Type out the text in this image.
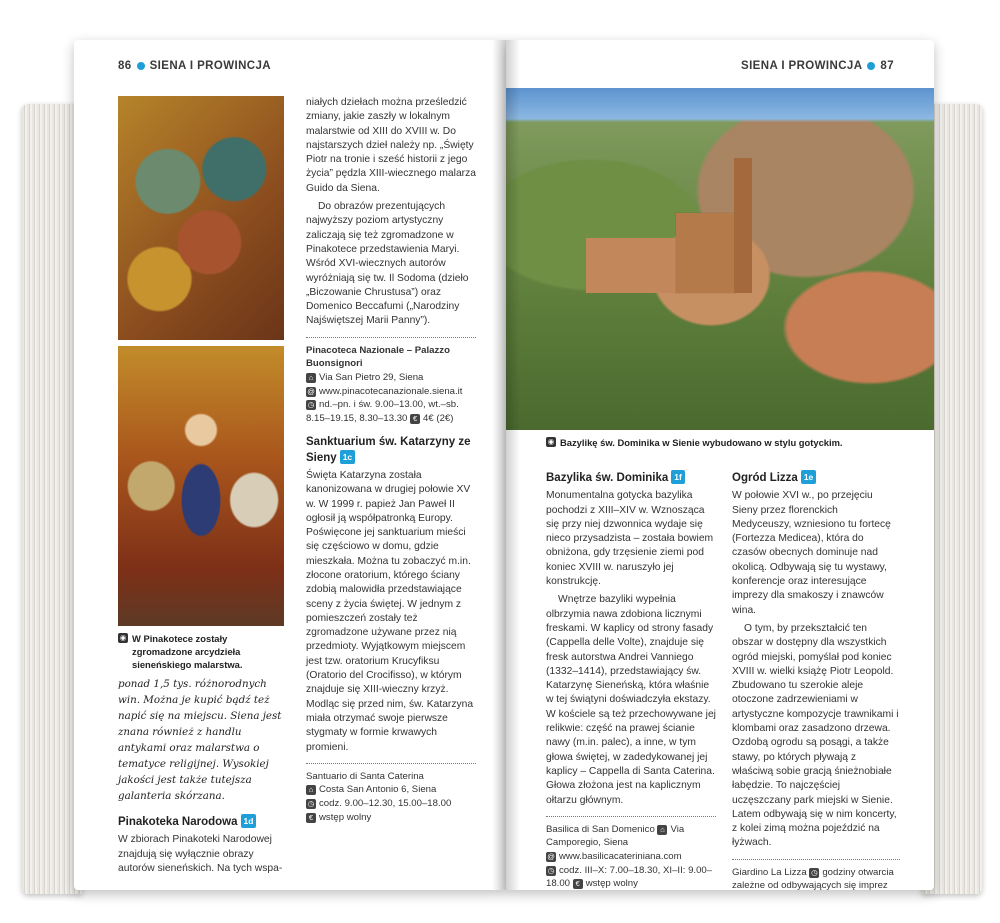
86 SIENA I PROWINCJA
◉ W Pinakotece zostały zgromadzone arcydzieła sieneńskiego malarstwa.
ponad 1,5 tys. różnorodnych win. Można je kupić bądź też napić się na miejscu. Siena jest znana również z handlu antykami oraz malarstwa o tematyce religijnej. Wysokiej jakości jest także tutejsza galanteria skórzana.
Pinakoteka Narodowa 1d

W zbiorach Pinakoteki Narodowej znajdują się wyłącznie obrazy autorów sieneńskich. Na tych wspa-

niałych dziełach można prześledzić zmiany, jakie zaszły w lokalnym malarstwie od XIII do XVIII w. Do najstarszych dzieł należy np. „Święty Piotr na tronie i sześć historii z jego życia” pędzla XIII-wiecznego malarza Guido da Siena.

Do obrazów prezentujących najwyższy poziom artystyczny zaliczają się też zgromadzone w Pinakotece przedstawienia Maryi. Wśród XVI-wiecznych autorów wyróżniają się tw. Il Sodoma (dzieło „Biczowanie Chrustusa”) oraz Domenico Beccafumi („Narodziny Najświętszej Marii Panny”).

Pinacoteca Nazionale – Palazzo Buonsignori
⌂ Via San Pietro 29, Siena
@ www.pinacotecanazionale.siena.it
◷ nd.–pn. i św. 9.00–13.00, wt.–sb. 8.15–19.15, 8.30–13.30 € 4€ (2€)
Sanktuarium św. Katarzyny ze Sieny 1c

Święta Katarzyna została kanonizowana w drugiej połowie XV w. W 1999 r. papież Jan Paweł II ogłosił ją współpatronką Europy. Poświęcone jej sanktuarium mieści się częściowo w domu, gdzie mieszkała. Można tu zobaczyć m.in. złocone oratorium, którego ściany zdobią malowidła przedstawiające sceny z życia świętej. W jednym z pomieszczeń zostały też zgromadzone używane przez nią przedmioty. Wyjątkowym miejscem jest tzw. oratorium Krucyfiksu (Oratorio del Crocifisso), w którym znajduje się XIII-wieczny krzyż. Modląc się przed nim, św. Katarzyna miała otrzymać swoje pierwsze stygmaty w formie krwawych promieni.

Santuario di Santa Caterina
⌂ Costa San Antonio 6, Siena
◷ codz. 9.00–12.30, 15.00–18.00
€ wstęp wolny
SIENA I PROWINCJA 87
◉ Bazylikę św. Dominika w Sienie wybudowano w stylu gotyckim.
Bazylika św. Dominika 1f

Monumentalna gotycka bazylika pochodzi z XIII–XIV w. Wznosząca się przy niej dzwonnica wydaje się nieco przysadzista – została bowiem obniżona, gdy trzęsienie ziemi pod koniec XVIII w. naruszyło jej konstrukcję.

Wnętrze bazyliki wypełnia olbrzymia nawa zdobiona licznymi freskami. W kaplicy od strony fasady (Cappella delle Volte), znajduje się fresk autorstwa Andrei Vanniego (1332–1414), przedstawiający św. Katarzynę Sieneńską, która właśnie w tej świątyni doświadczyła ekstazy. W kościele są też przechowywane jej relikwie: część na prawej ścianie nawy (m.in. palec), a inne, w tym głowa świętej, w zadedykowanej jej kaplicy – Cappella di Santa Caterina. Głowa złożona jest na kaplicznym ołtarzu głównym.

Basilica di San Domenico ⌂ Via Camporegio, Siena
@ www.basilicacateriniana.com
◷ codz. III–X: 7.00–18.30, XI–II: 9.00–18.00 € wstęp wolny
Ogród Lizza 1e

W połowie XVI w., po przejęciu Sieny przez florenckich Medyceuszy, wzniesiono tu fortecę (Fortezza Medicea), która do czasów obecnych dominuje nad okolicą. Odbywają się tu wystawy, konferencje oraz interesujące imprezy dla smakoszy i znawców wina.

O tym, by przekształcić ten obszar w dostępny dla wszystkich ogród miejski, pomyślał pod koniec XVIII w. wielki książę Piotr Leopold. Zbudowano tu szerokie aleje otoczone zadrzewieniami w artystyczne kompozycje trawnikami i klombami oraz zasadzono drzewa. Ozdobą ogrodu są posągi, a także stawy, po których pływają z właściwą sobie gracją śnieżnobiałe łabędzie. To najczęściej uczęszczany park miejski w Sienie. Latem odbywają się w nim koncerty, z kolei zimą można pojeździć na łyżwach.

Giardino La Lizza ◷ godziny otwarcia zależne od odbywających się imprez
